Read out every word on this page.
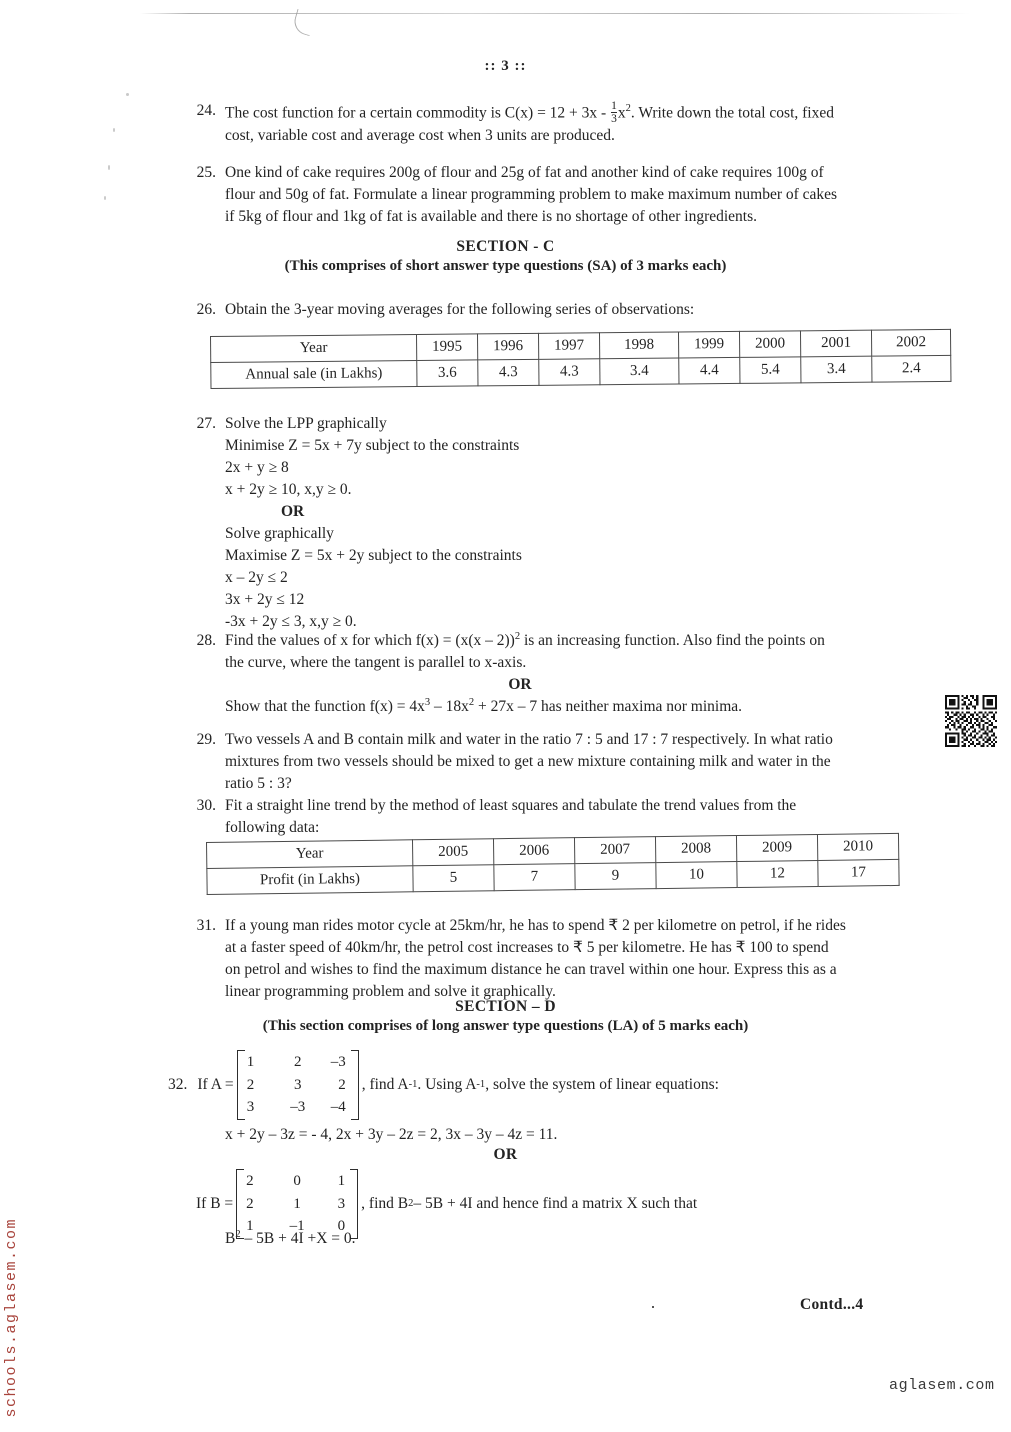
:: 3 ::
24. The cost function for a certain commodity is $C(x) = 12 + 3x - \frac{1}{3} x^2$. Write down the total cost, fixed

cost, variable cost and average cost when 3 units are produced.

25. One kind of cake requires 200g of flour and 25g of fat and another kind of cake requires 100g of

flour and 50g of fat. Formulate a linear programming problem to make maximum number of cakes

if 5kg of flour and 1kg of fat is available and there is no shortage of other ingredients.

SECTION - C
(This comprises of short answer type questions (SA) of 3 marks each)
26. Obtain the 3-year moving averages for the following series of observations:

Year	1995	1996	1997	1998	1999	2000	2001	2002
Annual sale (in Lakhs)	3.6	4.3	4.3	3.4	4.4	5.4	3.4	2.4
27. Solve the LPP graphically

Minimise Z = 5x + 7y subject to the constraints

2x + y ≥ 8

x + 2y ≥ 10, x,y ≥ 0.

OR

Solve graphically

Maximise Z = 5x + 2y subject to the constraints

x – 2y ≤ 2

3x + 2y ≤ 12

-3x + 2y ≤ 3, x,y ≥ 0.

28. Find the values of x for which f(x) = (x(x – 2))$^2$ is an increasing function. Also find the points on

the curve, where the tangent is parallel to x-axis.

OR

Show that the function $f(x) = 4x^3 - 18x^2 + 27x - 7$ has neither maxima nor minima.

29. Two vessels A and B contain milk and water in the ratio 7 : 5 and 17 : 7 respectively. In what ratio

mixtures from two vessels should be mixed to get a new mixture containing milk and water in the

ratio 5 : 3?

30. Fit a straight line trend by the method of least squares and tabulate the trend values from the

following data:

Year	2005	2006	2007	2008	2009	2010
Profit (in Lakhs)	5	7	9	10	12	17
31. If a young man rides motor cycle at 25km/hr, he has to spend ₹ 2 per kilometre on petrol, if he rides

at a faster speed of 40km/hr, the petrol cost increases to ₹ 5 per kilometre. He has ₹ 100 to spend

on petrol and wishes to find the maximum distance he can travel within one hour. Express this as a

linear programming problem and solve it graphically.

SECTION – D
(This section comprises of long answer type questions (LA) of 5 marks each)
32. If A =
1	2	–3
2	3	2
3	–3	–4
, find A -1 . Using A -1 , solve the system of linear equations:

x + 2y – 3z = - 4, 2x + 3y – 2z = 2, 3x – 3y – 4z = 11.

OR
If B =
2	0	1
2	1	3
1	–1	0
, find B 2 – 5B + 4I and hence find a matrix X such that

$B^2 - 5B + 4I +X = 0$.

Contd...4
schools.aglasem.com	aglasem.com
